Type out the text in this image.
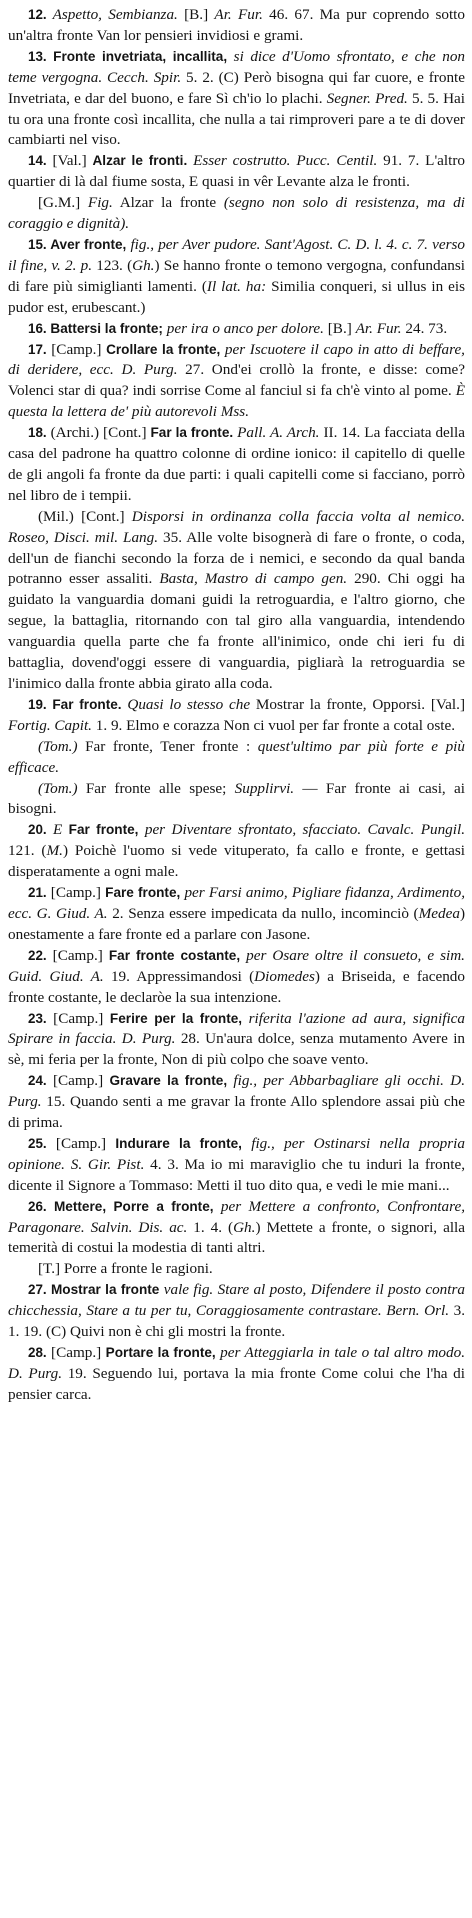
12. Aspetto, Sembianza. [B.] Ar. Fur. 46. 67. Ma pur coprendo sotto un'altra fronte Van lor pensieri invidiosi e grami.

13. Fronte invetriata, incallita, si dice d'Uomo sfrontato, e che non teme vergogna. Cecch. Spir. 5. 2. (C) Però bisogna qui far cuore, e fronte Invetriata, e dar del buono, e fare Sì ch'io lo plachi. Segner. Pred. 5. 5. Hai tu ora una fronte così incallita, che nulla a tai rimproveri pare a te di dover cambiarti nel viso.

14. [Val.] Alzar le fronti. Esser costrutto. Pucc. Centil. 91. 7. L'altro quartier di là dal fiume sosta, E quasi in vêr Levante alza le fronti.

[G.M.] Fig. Alzar la fronte (segno non solo di resistenza, ma di coraggio e dignità).

15. Aver fronte, fig., per Aver pudore. Sant'Agost. C. D. l. 4. c. 7. verso il fine, v. 2. p. 123. (Gh.) Se hanno fronte o temono vergogna, confundansi di fare più simiglianti lamenti. (Il lat. ha: Similia conqueri, si ullus in eis pudor est, erubescant.)

16. Battersi la fronte; per ira o anco per dolore. [B.] Ar. Fur. 24. 73.

17. [Camp.] Crollare la fronte, per Iscuotere il capo in atto di beffare, di deridere, ecc. D. Purg. 27. Ond'ei crollò la fronte, e disse: come? Volenci star di qua? indi sorrise Come al fanciul si fa ch'è vinto al pome. È questa la lettera de' più autorevoli Mss.

18. (Archi.) [Cont.] Far la fronte. Pall. A. Arch. II. 14. La facciata della casa del padrone ha quattro colonne di ordine ionico: il capitello di quelle de gli angoli fa fronte da due parti: i quali capitelli come si facciano, porrò nel libro de i tempii.

(Mil.) [Cont.] Disporsi in ordinanza colla faccia volta al nemico. Roseo, Disci. mil. Lang. 35. Alle volte bisognerà di fare o fronte, o coda, dell'un de fianchi secondo la forza de i nemici, e secondo da qual banda potranno esser assaliti. Basta, Mastro di campo gen. 290. Chi oggi ha guidato la vanguardia domani guidi la retroguardia, e l'altro giorno, che segue, la battaglia, ritornando con tal giro alla vanguardia, intendendo vanguardia quella parte che fa fronte all'inimico, onde chi ieri fu di battaglia, dovend'oggi essere di vanguardia, pigliarà la retroguardia se l'inimico dalla fronte abbia girato alla coda.

19. Far fronte. Quasi lo stesso che Mostrar la fronte, Opporsi. [Val.] Fortig. Capit. 1. 9. Elmo e corazza Non ci vuol per far fronte a cotal oste.

(Tom.) Far fronte, Tener fronte : quest'ultimo par più forte e più efficace.

(Tom.) Far fronte alle spese; Supplirvi. — Far fronte ai casi, ai bisogni.

20. E Far fronte, per Diventare sfrontato, sfacciato. Cavalc. Pungil. 121. (M.) Poichè l'uomo si vede vituperato, fa callo e fronte, e gettasi disperatamente a ogni male.

21. [Camp.] Fare fronte, per Farsi animo, Pigliare fidanza, Ardimento, ecc. G. Giud. A. 2. Senza essere impedicata da nullo, incominciò (Medea) onestamente a fare fronte ed a parlare con Jasone.

22. [Camp.] Far fronte costante, per Osare oltre il consueto, e sim. Guid. Giud. A. 19. Appressimandosi (Diomedes) a Briseida, e facendo fronte costante, le declaròe la sua intenzione.

23. [Camp.] Ferire per la fronte, riferita l'azione ad aura, significa Spirare in faccia. D. Purg. 28. Un'aura dolce, senza mutamento Avere in sè, mi feria per la fronte, Non di più colpo che soave vento.

24. [Camp.] Gravare la fronte, fig., per Abbarbagliare gli occhi. D. Purg. 15. Quando senti a me gravar la fronte Allo splendore assai più che di prima.

25. [Camp.] Indurare la fronte, fig., per Ostinarsi nella propria opinione. S. Gir. Pist. 4. 3. Ma io mi maraviglio che tu induri la fronte, dicente il Signore a Tommaso: Metti il tuo dito qua, e vedi le mie mani...

26. Mettere, Porre a fronte, per Mettere a confronto, Confrontare, Paragonare. Salvin. Dis. ac. 1. 4. (Gh.) Mettete a fronte, o signori, alla temerità di costui la modestia di tanti altri.

[T.] Porre a fronte le ragioni.

27. Mostrar la fronte vale fig. Stare al posto, Difendere il posto contra chicchessia, Stare a tu per tu, Coraggiosamente contrastare. Bern. Orl. 3. 1. 19. (C) Quivi non è chi gli mostri la fronte.

28. [Camp.] Portare la fronte, per Atteggiarla in tale o tal altro modo. D. Purg. 19. Seguendo lui, portava la mia fronte Come colui che l'ha di pensier carca.
